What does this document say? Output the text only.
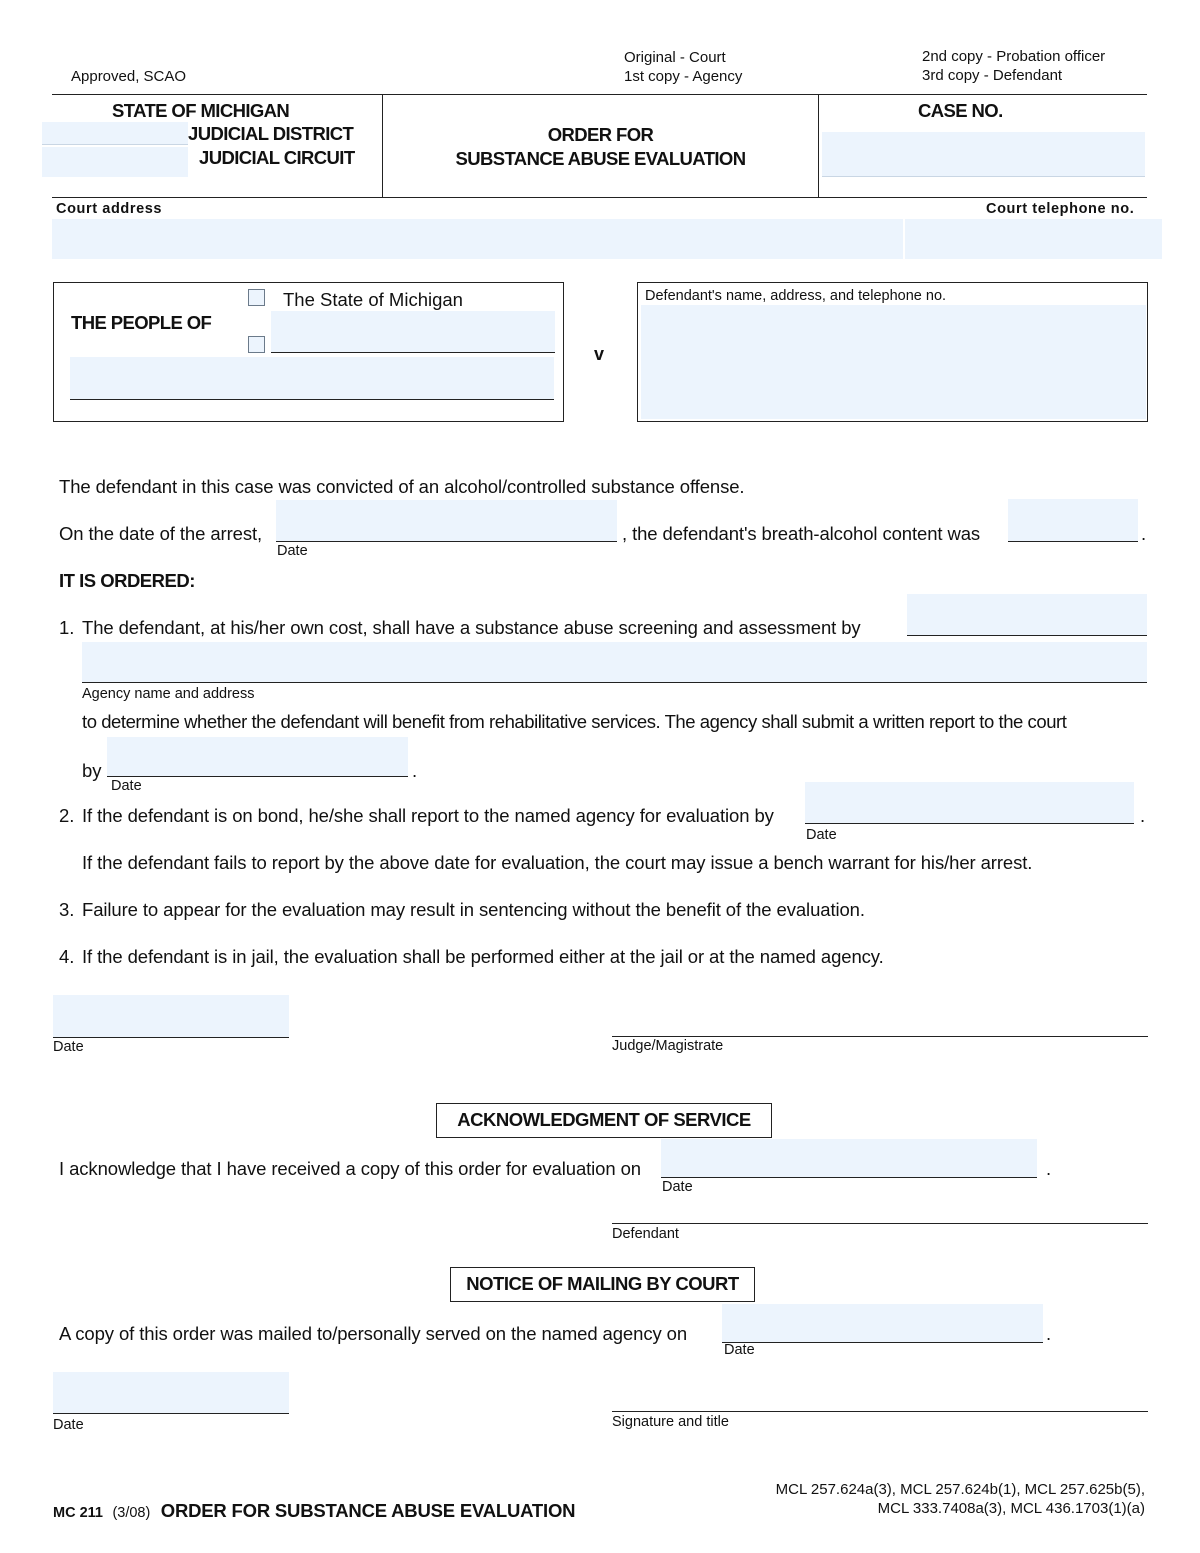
Approved, SCAO
Original - Court
1st copy - Agency
2nd copy - Probation officer
3rd copy - Defendant
STATE OF MICHIGAN
JUDICIAL DISTRICT
JUDICIAL CIRCUIT
ORDER FOR
SUBSTANCE ABUSE EVALUATION
CASE NO.
Court address	Court telephone no.
THE PEOPLE OF
The State of Michigan
v
Defendant's name, address, and telephone no.
The defendant in this case was convicted of an alcohol/controlled substance offense.
On the date of the arrest,
Date
, the defendant's breath-alcohol content was	.
IT IS ORDERED:
1. The defendant, at his/her own cost, shall have a substance abuse screening and assessment by
Agency name and address
to determine whether the defendant will benefit from rehabilitative services. The agency shall submit a written report to the court
by
Date
.
2. If the defendant is on bond, he/she shall report to the named agency for evaluation by
Date
.
If the defendant fails to report by the above date for evaluation, the court may issue a bench warrant for his/her arrest.
3. Failure to appear for the evaluation may result in sentencing without the benefit of the evaluation.
4. If the defendant is in jail, the evaluation shall be performed either at the jail or at the named agency.
Date	Judge/Magistrate
ACKNOWLEDGMENT OF SERVICE
I acknowledge that I have received a copy of this order for evaluation on
Date
.
Defendant
NOTICE OF MAILING BY COURT
A copy of this order was mailed to/personally served on the named agency on
Date
.
Date	Signature and title
MC 211 (3/08) ORDER FOR SUBSTANCE ABUSE EVALUATION
MCL 257.624a(3), MCL 257.624b(1), MCL 257.625b(5),
MCL 333.7408a(3), MCL 436.1703(1)(a)
